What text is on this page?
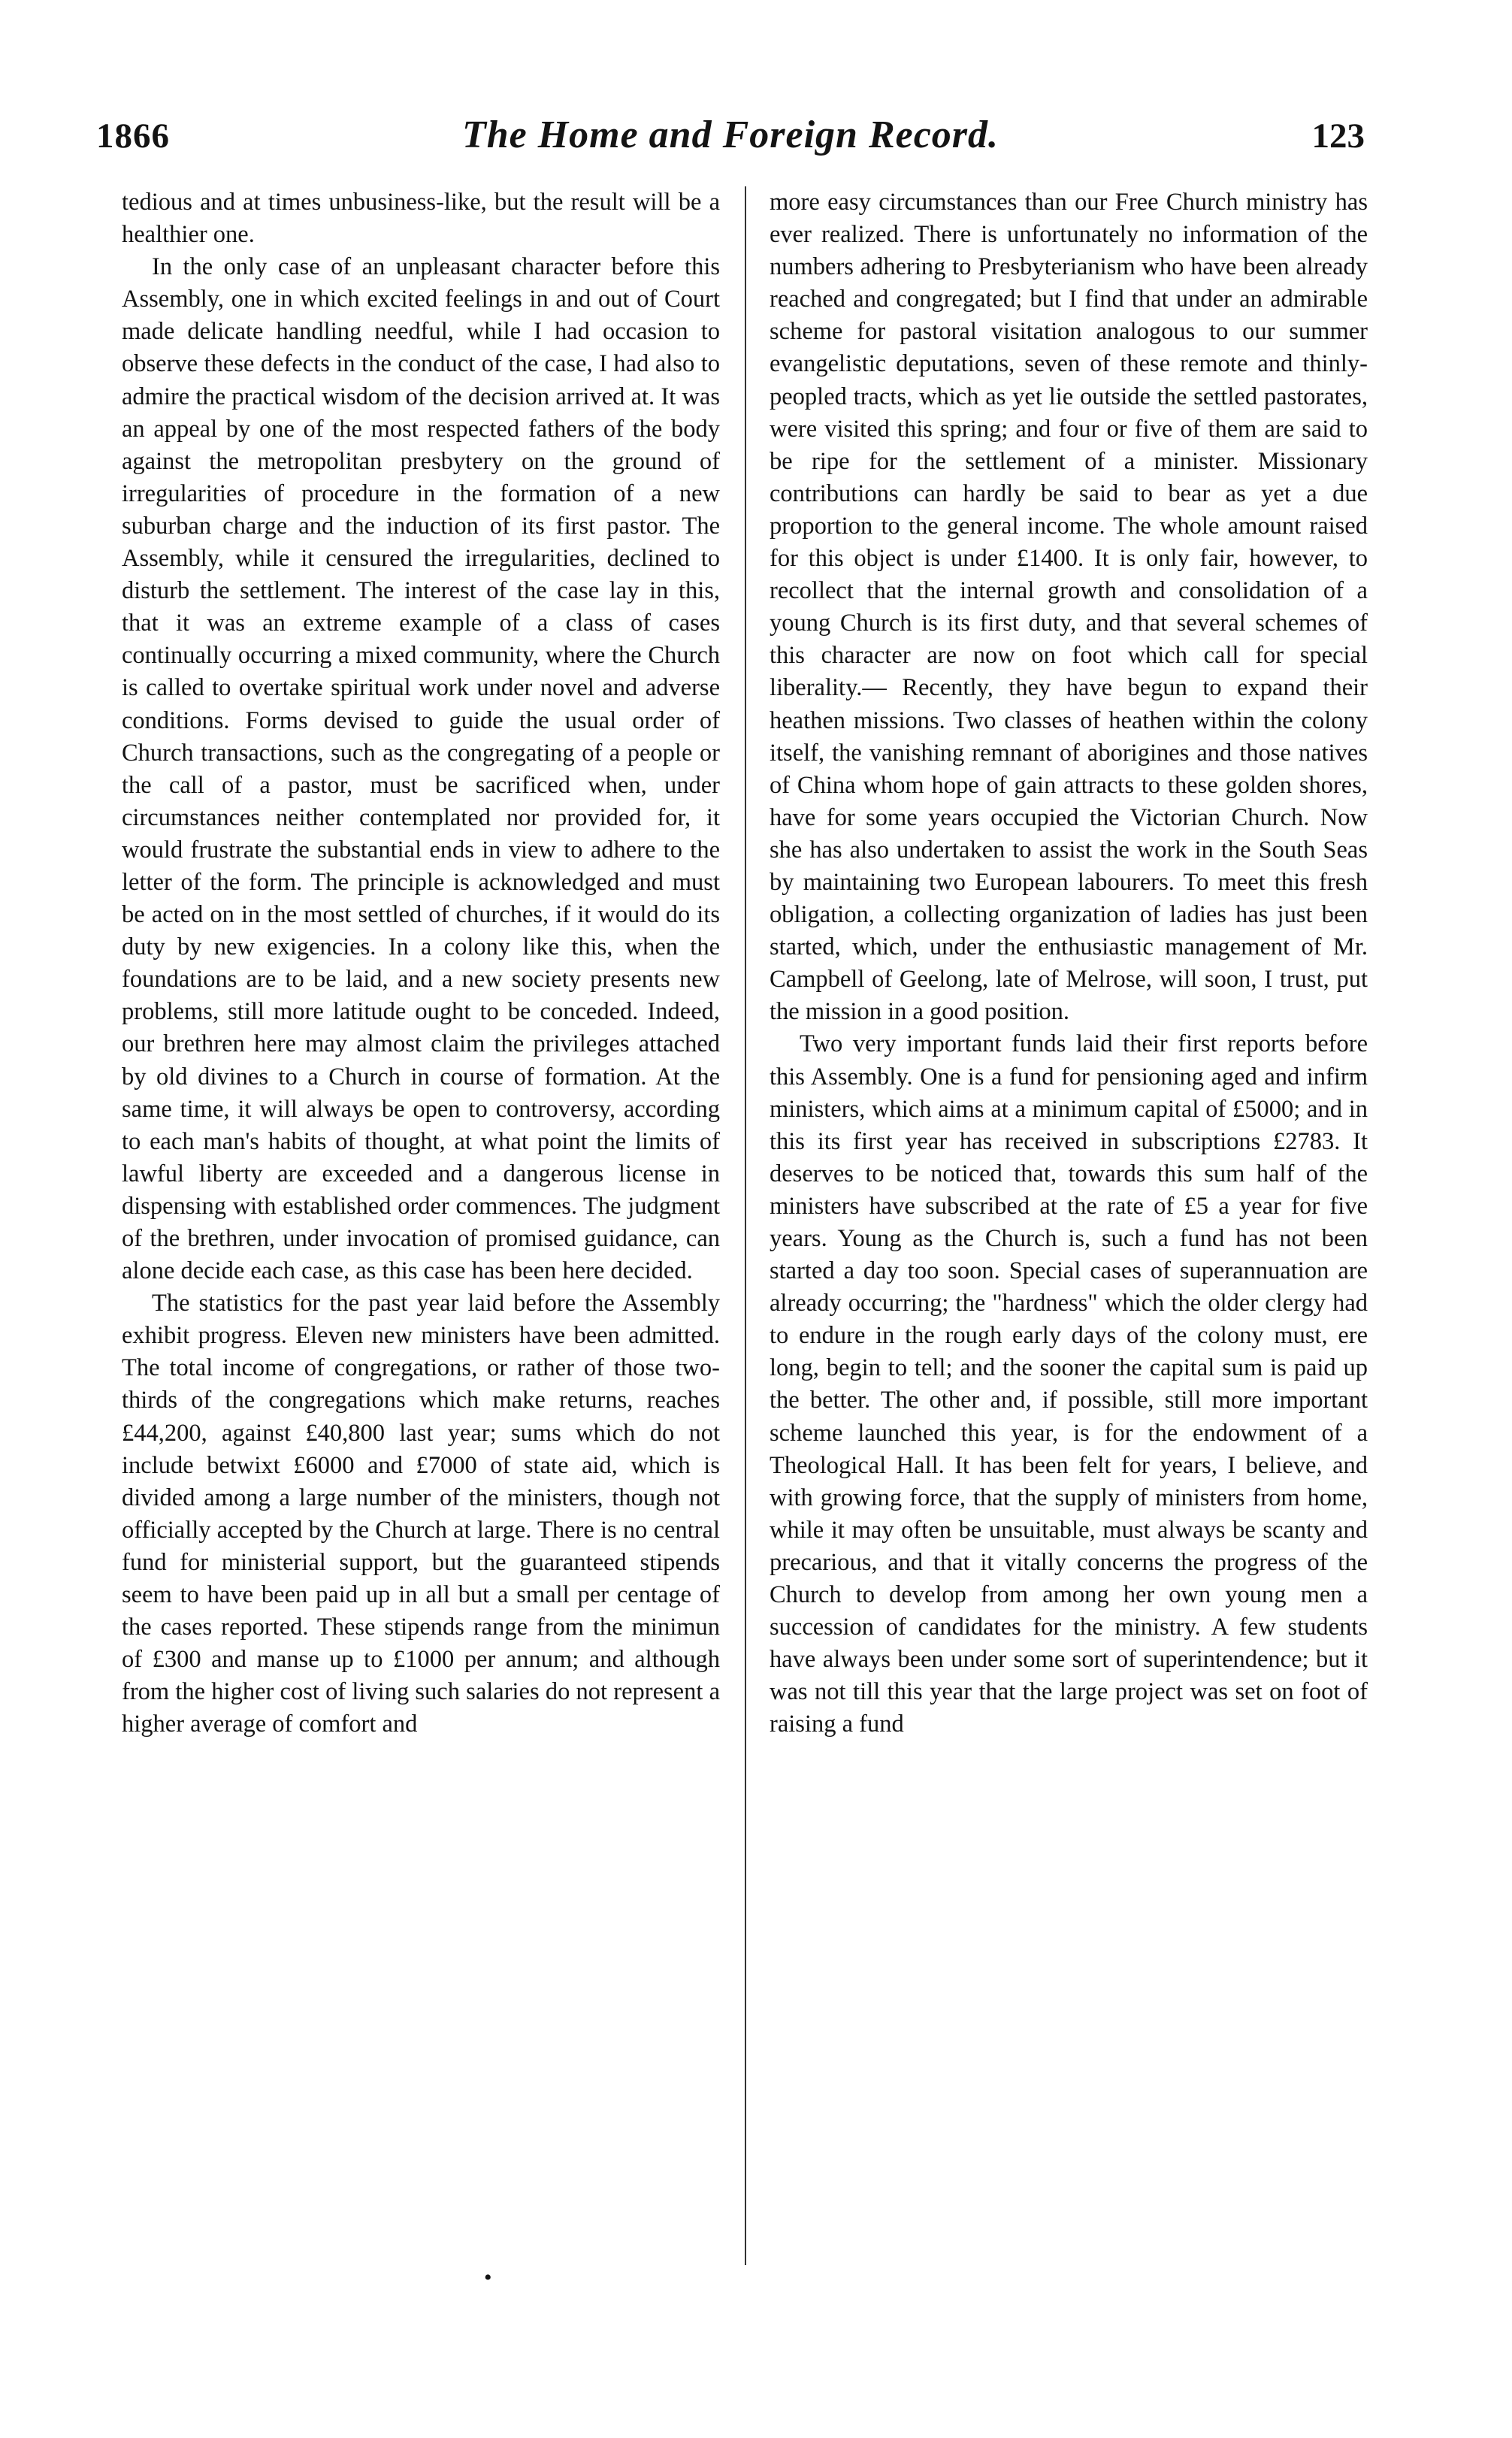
1866	The Home and Foreign Record.	123

tedious and at times unbusiness-like, but the result will be a healthier one.

In the only case of an unpleasant character before this Assembly, one in which excited feelings in and out of Court made delicate handling needful, while I had occasion to observe these defects in the conduct of the case, I had also to admire the practical wisdom of the decision arrived at. It was an appeal by one of the most respected fathers of the body against the metropolitan presbytery on the ground of irregularities of procedure in the formation of a new suburban charge and the induction of its first pastor. The Assembly, while it censured the irregularities, declined to disturb the settlement. The interest of the case lay in this, that it was an extreme example of a class of cases continually occurring a mixed community, where the Church is called to overtake spiritual work under novel and adverse conditions. Forms devised to guide the usual order of Church transactions, such as the congregating of a people or the call of a pastor, must be sacrificed when, under circumstances neither contemplated nor provided for, it would frustrate the substantial ends in view to adhere to the letter of the form. The principle is acknowledged and must be acted on in the most settled of churches, if it would do its duty by new exigencies. In a colony like this, when the foundations are to be laid, and a new society presents new problems, still more latitude ought to be conceded. Indeed, our brethren here may almost claim the privileges attached by old divines to a Church in course of formation. At the same time, it will always be open to controversy, according to each man's habits of thought, at what point the limits of lawful liberty are exceeded and a dangerous license in dispensing with established order commences. The judgment of the brethren, under invocation of promised guidance, can alone decide each case, as this case has been here decided.

The statistics for the past year laid before the Assembly exhibit progress. Eleven new ministers have been admitted. The total income of congregations, or rather of those two-thirds of the congregations which make returns, reaches £44,200, against £40,800 last year; sums which do not include betwixt £6000 and £7000 of state aid, which is divided among a large number of the ministers, though not officially accepted by the Church at large. There is no central fund for ministerial support, but the guaranteed stipends seem to have been paid up in all but a small per centage of the cases reported. These stipends range from the minimun of £300 and manse up to £1000 per annum; and although from the higher cost of living such salaries do not represent a higher average of comfort and

more easy circumstances than our Free Church ministry has ever realized. There is unfortunately no information of the numbers adhering to Presbyterianism who have been already reached and congregated; but I find that under an admirable scheme for pastoral visitation analogous to our summer evangelistic deputations, seven of these remote and thinly-peopled tracts, which as yet lie outside the settled pastorates, were visited this spring; and four or five of them are said to be ripe for the settlement of a minister. Missionary contributions can hardly be said to bear as yet a due proportion to the general income. The whole amount raised for this object is under £1400. It is only fair, however, to recollect that the internal growth and consolidation of a young Church is its first duty, and that several schemes of this character are now on foot which call for special liberality.— Recently, they have begun to expand their heathen missions. Two classes of heathen within the colony itself, the vanishing remnant of aborigines and those natives of China whom hope of gain attracts to these golden shores, have for some years occupied the Victorian Church. Now she has also undertaken to assist the work in the South Seas by maintaining two European labourers. To meet this fresh obligation, a collecting organization of ladies has just been started, which, under the enthusiastic management of Mr. Campbell of Geelong, late of Melrose, will soon, I trust, put the mission in a good position.

Two very important funds laid their first reports before this Assembly. One is a fund for pensioning aged and infirm ministers, which aims at a minimum capital of £5000; and in this its first year has received in subscriptions £2783. It deserves to be noticed that, towards this sum half of the ministers have subscribed at the rate of £5 a year for five years. Young as the Church is, such a fund has not been started a day too soon. Special cases of superannuation are already occurring; the "hardness" which the older clergy had to endure in the rough early days of the colony must, ere long, begin to tell; and the sooner the capital sum is paid up the better. The other and, if possible, still more important scheme launched this year, is for the endowment of a Theological Hall. It has been felt for years, I believe, and with growing force, that the supply of ministers from home, while it may often be unsuitable, must always be scanty and precarious, and that it vitally concerns the progress of the Church to develop from among her own young men a succession of candidates for the ministry. A few students have always been under some sort of superintendence; but it was not till this year that the large project was set on foot of raising a fund

•
